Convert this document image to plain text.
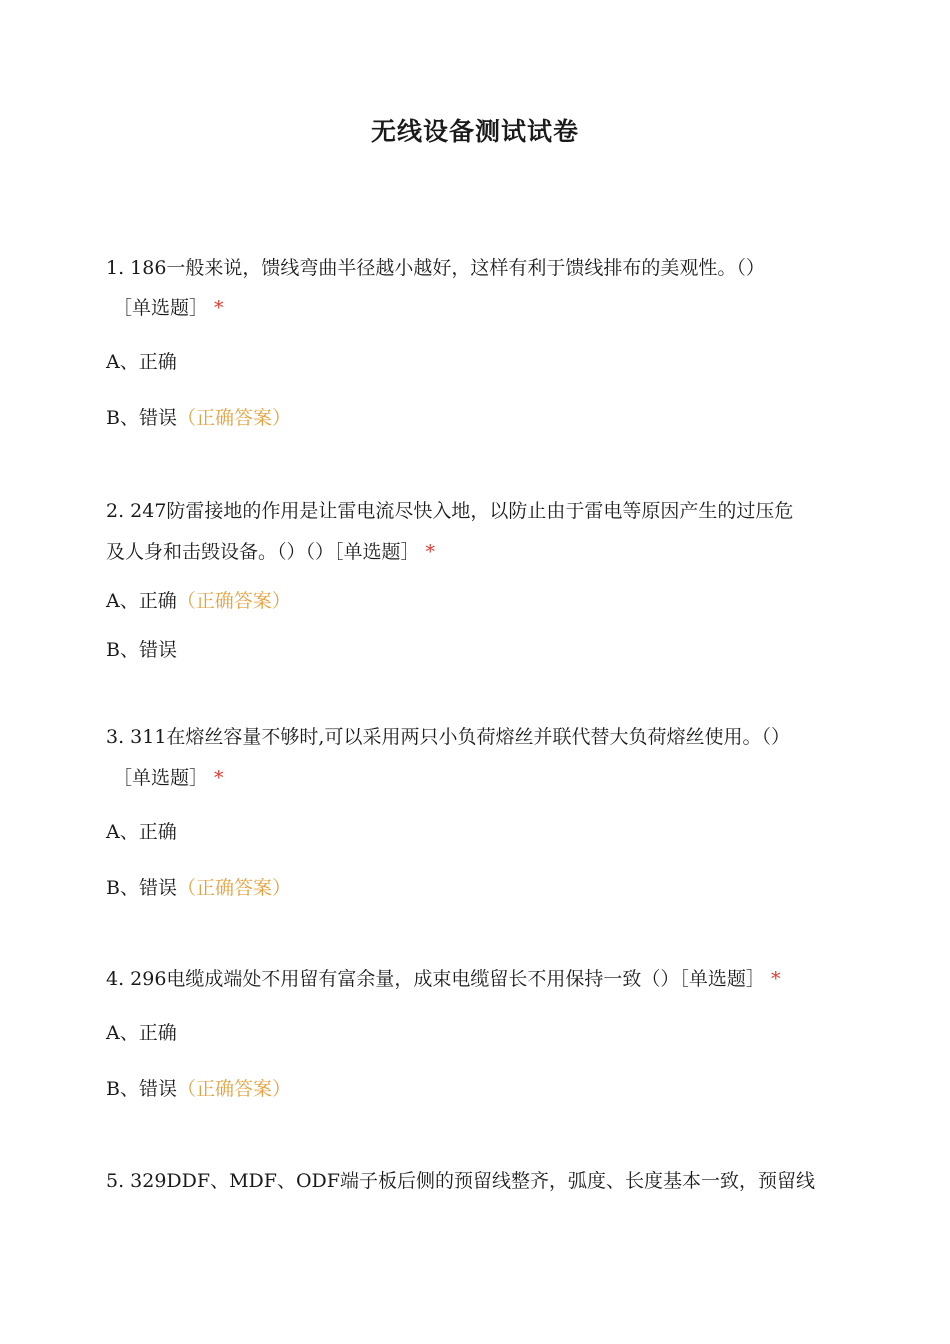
无线设备测试试卷
1. 186一般来说，馈线弯曲半径越小越好，这样有利于馈线排布的美观性。（）
［单选题］ *
A、正确
B、错误（正确答案）
2. 247防雷接地的作用是让雷电流尽快入地，以防止由于雷电等原因产生的过压危
及人身和击毁设备。（）（）［单选题］ *
A、正确（正确答案）
B、错误
3. 311在熔丝容量不够时,可以采用两只小负荷熔丝并联代替大负荷熔丝使用。（）
［单选题］ *
A、正确
B、错误（正确答案）
4. 296电缆成端处不用留有富余量，成束电缆留长不用保持一致（）［单选题］ *
A、正确
B、错误（正确答案）
5. 329DDF、MDF、ODF端子板后侧的预留线整齐，弧度、长度基本一致，预留线
